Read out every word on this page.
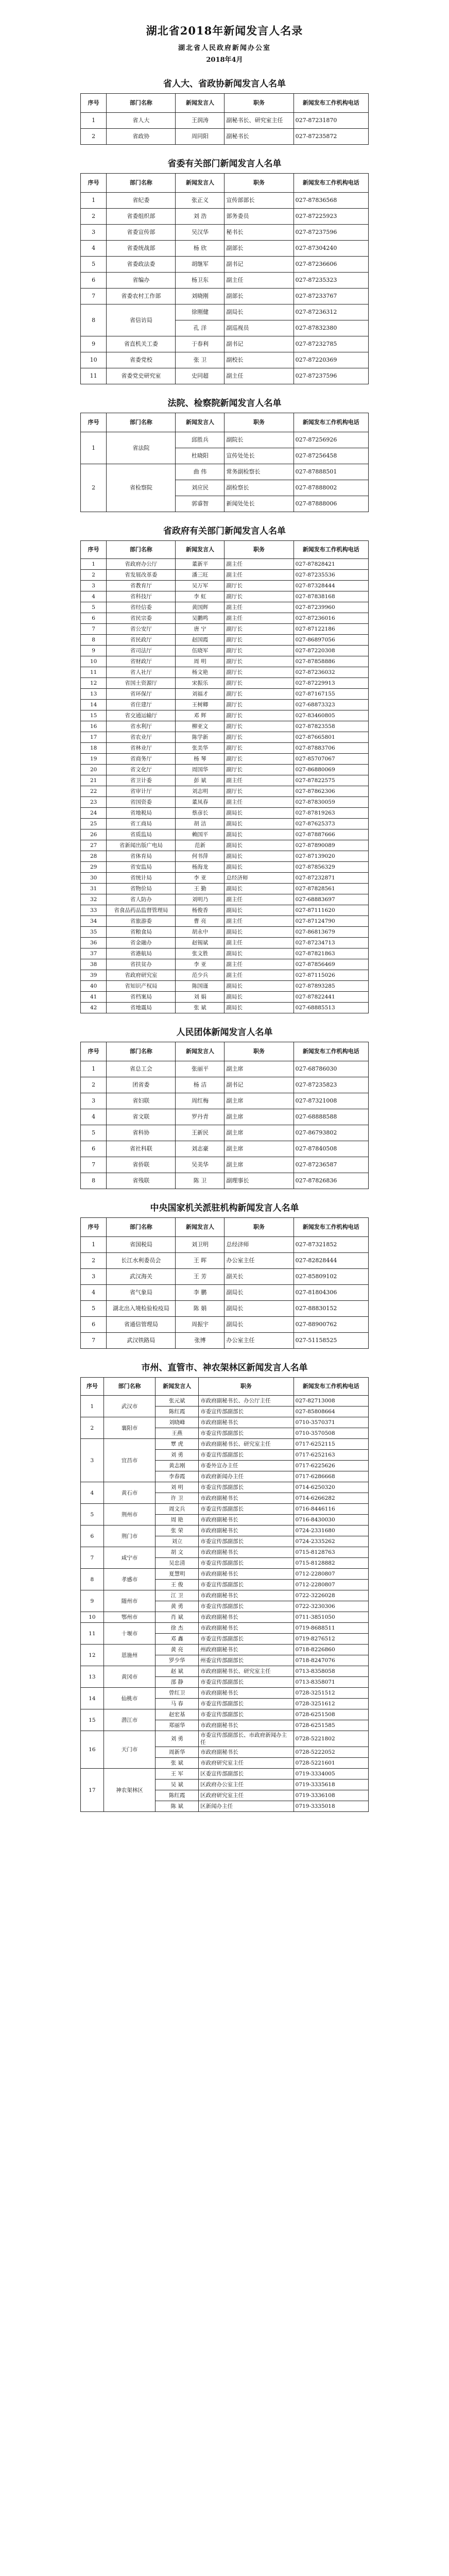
湖北省2018年新闻发言人名录

湖北省人民政府新闻办公室

2018年4月

省人大、省政协新闻发言人名单
序号	部门名称	新闻发言人	职务	新闻发布工作机构电话
1	省人大	王润涛	副秘书长、研究室主任	027-87231870
2	省政协	周同阳	副秘书长	027-87235872
省委有关部门新闻发言人名单
序号	部门名称	新闻发言人	职务	新闻发布工作机构电话
1	省纪委	张正义	宣传部部长	027-87836568
2	省委组织部	刘 浩	部务委员	027-87225923
3	省委宣传部	吴汉华	秘书长	027-87237596
4	省委统战部	杨 欣	副部长	027-87304240
5	省委政法委	胡继军	副书记	027-87236606
6	省编办	杨卫东	副主任	027-87235323
7	省委农村工作部	刘晓刚	副部长	027-87233767
8	省信访局	徐刚健	副局长	027-87236312
		孔 洋	副巡视员	027-87832380
9	省直机关工委	于春利	副书记	027-87232785
10	省委党校	张 卫	副校长	027-87220369
11	省委党史研究室	史同超	副主任	027-87237596
法院、检察院新闻发言人名单
序号	部门名称	新闻发言人	职务	新闻发布工作机构电话
1	省法院	邱胜兵	副院长	027-87256926
		杜晓阳	宣传处处长	027-87256458
2	省检察院	曲 伟	常务副检察长	027-87888501
		刘应民	副检察长	027-87888002
		郭睿智	新闻处处长	027-87888006
省政府有关部门新闻发言人名单
序号	部门名称	新闻发言人	职务	新闻发布工作机构电话
1	省政府办公厅	董新平	副主任	027-87828421
2	省发展改革委	潘三旺	副主任	027-87235536
3	省教育厅	吴万军	副厅长	027-87328444
4	省科技厅	李 虹	副厅长	027-87838168
5	省经信委	黄国辉	副主任	027-87239960
6	省民宗委	吴鹏鸣	副主任	027-87236016
7	省公安厅	唐 宁	副厅长	027-87122186
8	省民政厅	赵国霞	副厅长	027-86897056
9	省司法厅	伍晓军	副厅长	027-87220308
10	省财政厅	周 明	副厅长	027-87858886
11	省人社厅	杨文艳	副厅长	027-87236032
12	省国土资源厅	宋振乐	副厅长	027-87229913
13	省环保厅	刘福才	副厅长	027-87167155
14	省住建厅	王树卿	副厅长	027-68873323
15	省交通运输厅	邓 辉	副厅长	027-83460805
16	省水利厅	柳亚文	副厅长	027-87823558
17	省农业厅	陈学新	副厅长	027-87665801
18	省林业厅	张美华	副厅长	027-87883706
19	省商务厅	杨 琴	副厅长	027-85707067
20	省文化厅	周国华	副厅长	027-86880069
21	省卫计委	彭 斌	副主任	027-87822575
22	省审计厅	刘志明	副厅长	027-87862306
23	省国资委	董凤春	副主任	027-87830059
24	省地税局	蔡彦长	副局长	027-87819263
25	省工商局	胡 洁	副局长	027-87625373
26	省质监局	赖国平	副局长	027-87887666
27	省新闻出版广电局	范新	副局长	027-87890089
28	省体育局	何书萍	副局长	027-87139020
29	省安监局	杨海龙	副局长	027-87856329
30	省统计局	李 亚	总经济师	027-87232871
31	省物价局	王 勤	副局长	027-87828561
32	省人防办	刘明乃	副主任	027-68883697
33	省食品药品监督管理局	杨俊香	副局长	027-87111620
34	省旅游委	曹 亮	副主任	027-87124790
35	省粮食局	胡永中	副局长	027-86813679
36	省金融办	赵锡斌	副主任	027-87234713
37	省港航局	张文胜	副局长	027-87821863
38	省扶贫办	李 亚	副主任	027-87856469
39	省政府研究室	范少兵	副主任	027-87115026
40	省知识产权局	陈国谨	副局长	027-87893285
41	省档案局	刘 娟	副局长	027-87822441
42	省地震局	张 斌	副局长	027-68885513
人民团体新闻发言人名单
序号	部门名称	新闻发言人	职务	新闻发布工作机构电话
1	省总工会	张丽平	副主席	027-68786030
2	团省委	杨 洁	副书记	027-87235823
3	省妇联	周红梅	副主席	027-87321008
4	省文联	罗丹青	副主席	027-68888588
5	省科协	王新民	副主席	027-86793802
6	省社科联	刘志豪	副主席	027-87840508
7	省侨联	吴美华	副主席	027-87236587
8	省残联	陈 卫	副理事长	027-87826836
中央国家机关派驻机构新闻发言人名单
序号	部门名称	新闻发言人	职务	新闻发布工作机构电话
1	省国税局	刘卫明	总经济师	027-87321852
2	长江水利委员会	王 晖	办公室主任	027-82828444
3	武汉海关	王 芳	副关长	027-85809102
4	省气象局	李 鹏	副局长	027-81804306
5	湖北出入境检验检疫局	陈 娟	副局长	027-88830152
6	省通信管理局	周振宇	副局长	027-88900762
7	武汉铁路局	张博	办公室主任	027-51158525
市州、直管市、神农架林区新闻发言人名单
序号	部门名称	新闻发言人	职务	新闻发布工作机构电话
1	武汉市	张元斌	市政府副秘书长、办公厅主任	027-82713008
		陈红霞	市委宣传部副部长	027-85808664
2	襄阳市	刘晓峰	市政府副秘书长	0710-3570371
		王燕	市委宣传部副部长	0710-3570508
3	宜昌市	覃 虎	市政府副秘书长、研究室主任	0717-6252115
		刘 勇	市委宣传部副部长	0717-6252163
		黄志刚	市委外宣办主任	0717-6225626
		李春霞	市政府新闻办主任	0717-6286668
4	黄石市	刘 明	市委宣传部副部长	0714-6250320
		许 卫	市政府副秘书长	0714-6266282
5	荆州市	周文兵	市委宣传部副部长	0716-8446116
		周 艳	市政府副秘书长	0716-8430030
6	荆门市	张 荣	市政府副秘书长	0724-2331680
		刘立	市委宣传部副部长	0724-2335262
7	咸宁市	胡 文	市政府副秘书长	0715-8128763
		吴忠清	市委宣传部副部长	0715-8128882
8	孝感市	夏慧明	市政府副秘书长	0712-2280807
		王 俊	市委宣传部副部长	0712-2280807
9	随州市	江 卫	市政府副秘书长	0722-3226028
		黄 勇	市委宣传部副部长	0722-3230306
10	鄂州市	肖 斌	市政府副秘书长	0711-3851050
11	十堰市	徐 杰	市政府副秘书长	0719-8688511
		邓 鑫	市委宣传部副部长	0719-8276512
12	恩施州	黄 亮	州政府副秘书长	0718-8226860
		罗少华	州委宣传部副部长	0718-8247076
13	黄冈市	赵 斌	市政府副秘书长、研究室主任	0713-8358058
		邵 静	市委宣传部副部长	0713-8358071
14	仙桃市	曾红卫	市政府副秘书长	0728-3251512
		马 春	市委宣传部副部长	0728-3251612
15	潜江市	赵宏基	市委宣传部副部长	0728-6251508
		郑丽华	市政府副秘书长	0728-6251585
16	天门市	刘 勇	市委宣传部副部长、市政府新闻办主任	0728-5221802
		周新华	市政府副秘书长	0728-5222052
		张 斌	市政府研究室主任	0728-5221601
17	神农架林区	王 军	区委宣传部副部长	0719-3334005
		吴 斌	区政府办公室主任	0719-3335618
		陈红霞	区政府研究室主任	0719-3336108
		陈 斌	区新闻办主任	0719-3335018
